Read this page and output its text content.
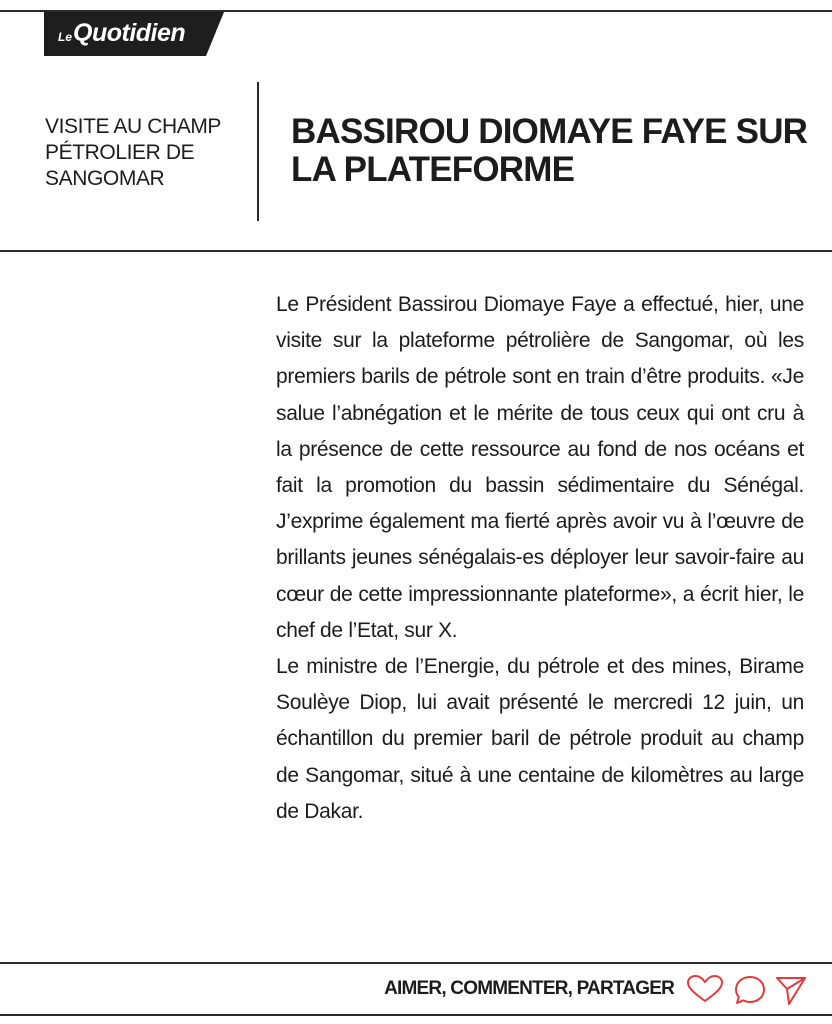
LeQuotidien
VISITE AU CHAMP PÉTROLIER DE SANGOMAR
BASSIROU DIOMAYE FAYE SUR LA PLATEFORME

Le Président Bassirou Diomaye Faye a effectué, hier, une visite sur la plateforme pétrolière de Sangomar, où les premiers barils de pétrole sont en train d’être produits. «Je salue l’abnégation et le mérite de tous ceux qui ont cru à la présence de cette ressource au fond de nos océans et fait la promotion du bassin sédimentaire du Sénégal. J’exprime également ma fierté après avoir vu à l’œuvre de brillants jeunes sénégalais-es déployer leur savoir-faire au cœur de cette impressionnante plateforme», a écrit hier, le chef de l’Etat, sur X.

Le ministre de l’Energie, du pétrole et des mines, Birame Soulèye Diop, lui avait présenté le mercredi 12 juin, un échantillon du premier baril de pétrole produit au champ de Sangomar, situé à une centaine de kilomètres au large de Dakar.

AIMER, COMMENTER, PARTAGER
